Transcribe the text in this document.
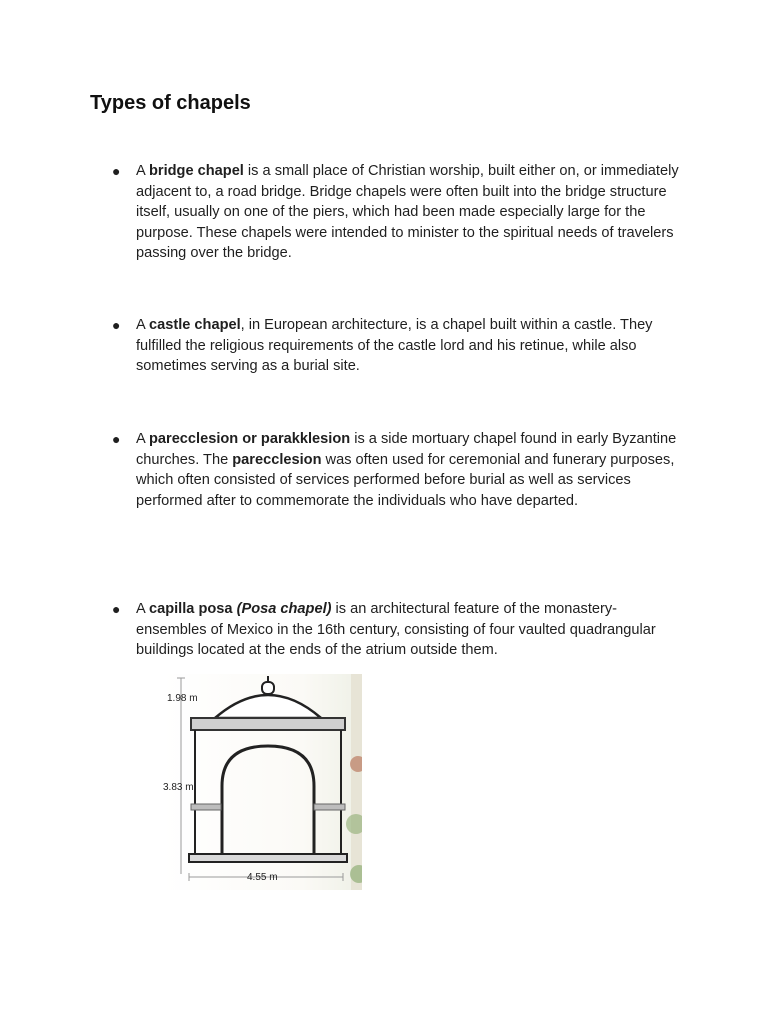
Types of chapels
●	A bridge chapel is a small place of Christian worship, built either on, or immediately adjacent to, a road bridge. Bridge chapels were often built into the bridge structure itself, usually on one of the piers, which had been made especially large for the purpose. These chapels were intended to minister to the spiritual needs of travelers passing over the bridge.
●	A castle chapel, in European architecture, is a chapel built within a castle. They fulfilled the religious requirements of the castle lord and his retinue, while also sometimes serving as a burial site.
●	A parecclesion or parakklesion is a side mortuary chapel found in early Byzantine churches. The parecclesion was often used for ceremonial and funerary purposes, which often consisted of services performed before burial as well as services performed after to commemorate the individuals who have departed.
●	A capilla posa (Posa chapel) is an architectural feature of the monastery-ensembles of Mexico in the 16th century, consisting of four vaulted quadrangular buildings located at the ends of the atrium outside them.
1.98 m
3.83 m
4.55 m
